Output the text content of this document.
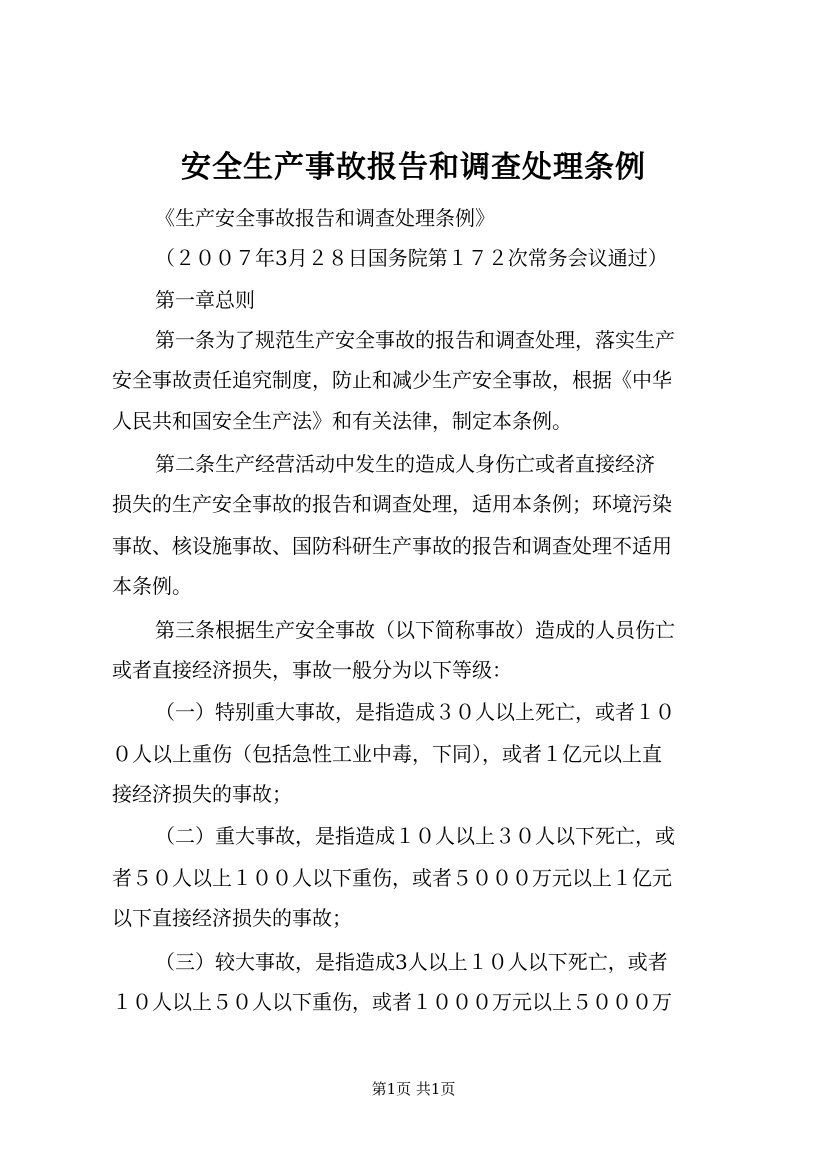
安全生产事故报告和调查处理条例
《生产安全事故报告和调查处理条例》
（２００７年3月２８日国务院第１７２次常务会议通过）
第一章总则
第一条为了规范生产安全事故的报告和调查处理，落实生产
安全事故责任追究制度，防止和减少生产安全事故，根据《中华
人民共和国安全生产法》和有关法律，制定本条例。
第二条生产经营活动中发生的造成人身伤亡或者直接经济
损失的生产安全事故的报告和调查处理，适用本条例；环境污染
事故、核设施事故、国防科研生产事故的报告和调查处理不适用
本条例。
第三条根据生产安全事故（以下简称事故）造成的人员伤亡
或者直接经济损失，事故一般分为以下等级：
（一）特别重大事故，是指造成３０人以上死亡，或者１０
０人以上重伤（包括急性工业中毒，下同），或者１亿元以上直
接经济损失的事故；
（二）重大事故，是指造成１０人以上３０人以下死亡，或
者５０人以上１００人以下重伤，或者５０００万元以上１亿元
以下直接经济损失的事故；
（三）较大事故，是指造成3人以上１０人以下死亡，或者
１０人以上５０人以下重伤，或者１０００万元以上５０００万
第1页 共1页
